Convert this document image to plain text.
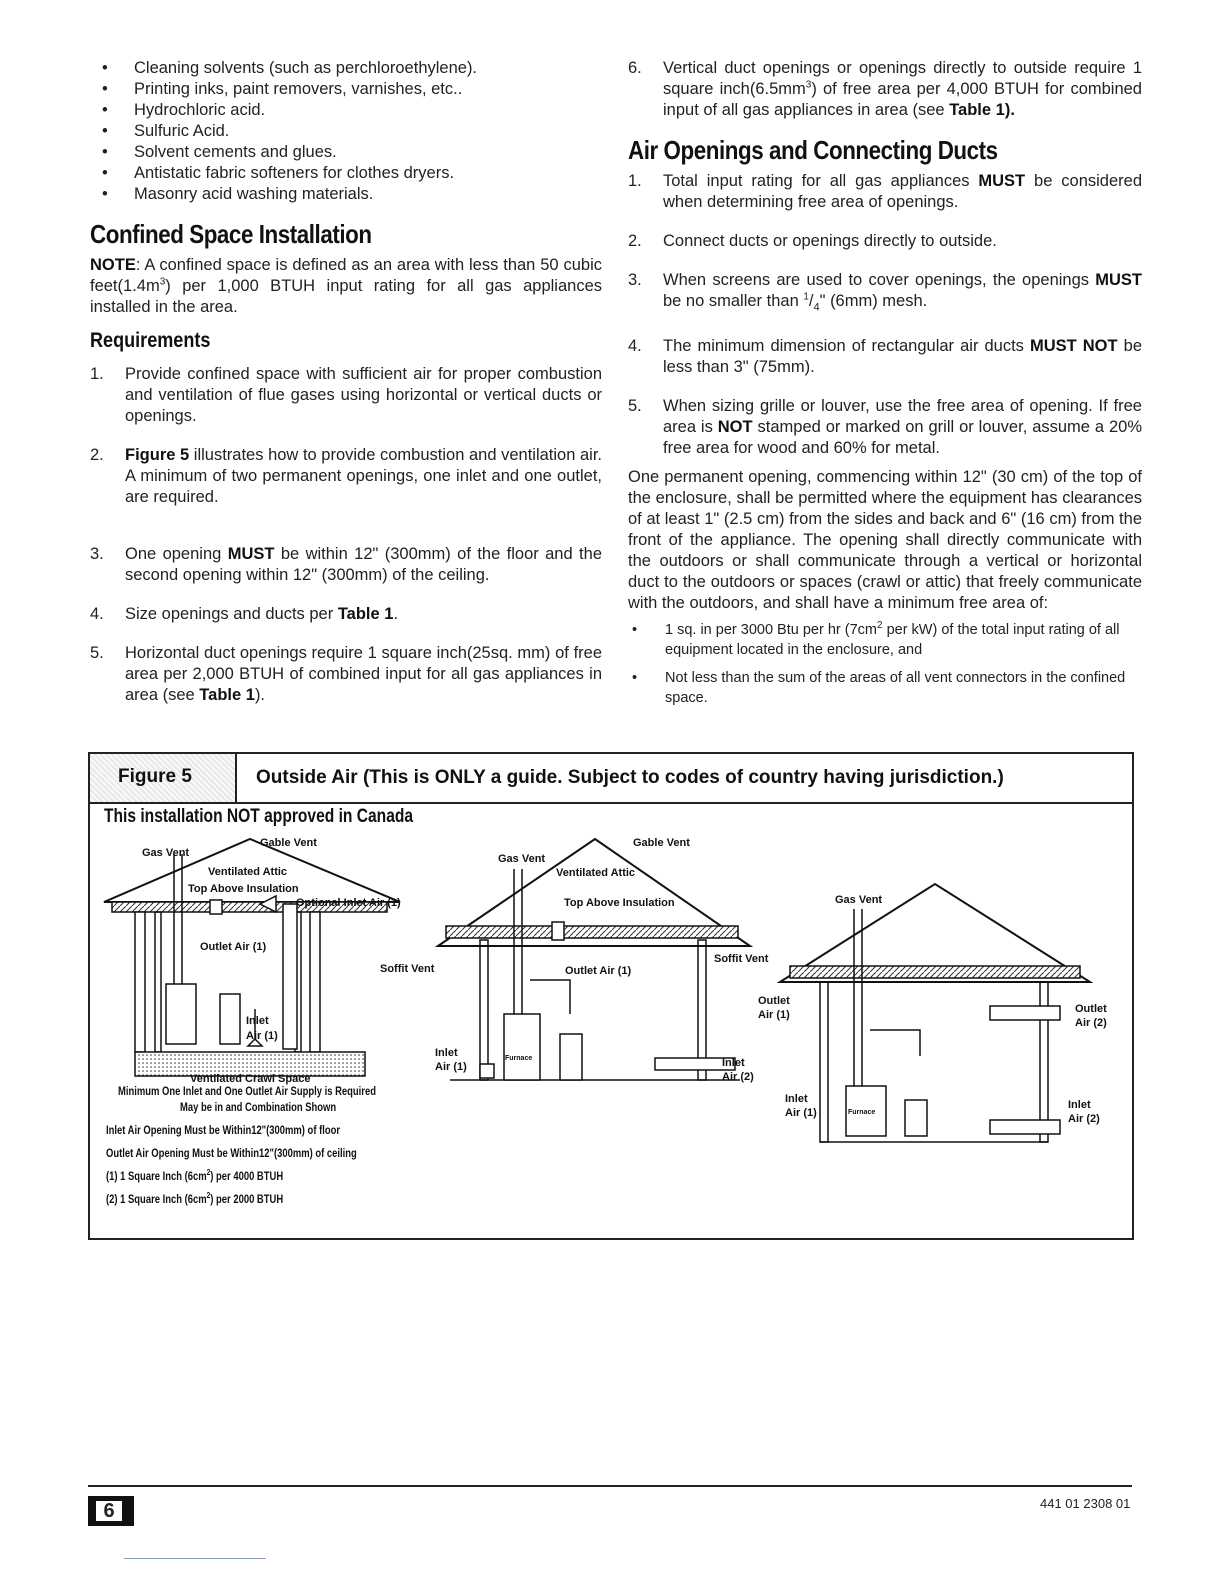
• Cleaning solvents (such as perchloroethylene).
• Printing inks, paint removers, varnishes, etc..
• Hydrochloric acid.
• Sulfuric Acid.
• Solvent cements and glues.
• Antistatic fabric softeners for clothes dryers.
• Masonry acid washing materials.
Confined Space Installation

NOTE: A confined space is defined as an area with less than 50 cubic $feet(1.4m^3)$ per 1,000 BTUH input rating for all gas appliances installed in the area.

Requirements
1. Provide confined space with sufficient air for proper combustion and ventilation of flue gases using horizontal or vertical ducts or openings.
2. Figure 5 illustrates how to provide combustion and ventilation air. A minimum of two permanent openings, one inlet and one outlet, are required.
3. One opening MUST be within 12" (300mm) of the floor and the second opening within 12" (300mm) of the ceiling.
4. Size openings and ducts per Table 1.
5. Horizontal duct openings require 1 square inch(25sq. mm) of free area per 2,000 BTUH of combined input for all gas appliances in area (see Table 1).
6. Vertical duct openings or openings directly to outside require 1 square $inch(6.5mm^3)$ of free area per 4,000 BTUH for combined input of all gas appliances in area (see Table 1).
Air Openings and Connecting Ducts
1. Total input rating for all gas appliances MUST be considered when determining free area of openings.
2. Connect ducts or openings directly to outside.
3. When screens are used to cover openings, the openings MUST be no smaller than $^1/_4$" (6mm) mesh.
4. The minimum dimension of rectangular air ducts MUST NOT be less than 3" (75mm).
5. When sizing grille or louver, use the free area of opening. If free area is NOT stamped or marked on grill or louver, assume a 20% free area for wood and 60% for metal.

One permanent opening, commencing within 12" (30 cm) of the top of the enclosure, shall be permitted where the equipment has clearances of at least 1" (2.5 cm) from the sides and back and 6" (16 cm) from the front of the appliance. The opening shall directly communicate with the outdoors or shall communicate through a vertical or horizontal duct to the outdoors or spaces (crawl or attic) that freely communicate with the outdoors, and shall have a minimum free area of:

• 1 sq. in per 3000 Btu per hr ($7cm^2$ per kW) of the total input rating of all equipment located in the enclosure, and
• Not less than the sum of the areas of all vent connectors in the confined space.
Figure 5	Outside Air (This is ONLY a guide. Subject to codes of country having jurisdiction.)
This installation NOT approved in Canada
Gas Vent
Gable Vent
Ventilated Attic
Top Above Insulation
Optional Inlet Air (1)
Outlet Air (1)
Soffit Vent
Inlet
Air (1)
Ventilated Crawl Space
Gas Vent
Gable Vent
Ventilated Attic
Top Above Insulation
Soffit Vent
Outlet Air (1)
Inlet
Air (1)
Furnace	Inlet
Air (2)
Gas Vent
Outlet
Air (1)	Outlet
Air (2)
Inlet
Air (1)
Inlet
Air (2)
Furnace
Minimum One Inlet and One Outlet Air Supply is Required
May be in and Combination Shown
Inlet Air Opening Must be Within12"(300mm) of floor
Outlet Air Opening Must be Within12"(300mm) of ceiling
(1) 1 Square Inch $(6cm^2)$ per 4000 BTUH
(2) 1 Square Inch $(6cm^2)$ per 2000 BTUH
6	441 01 2308 01
